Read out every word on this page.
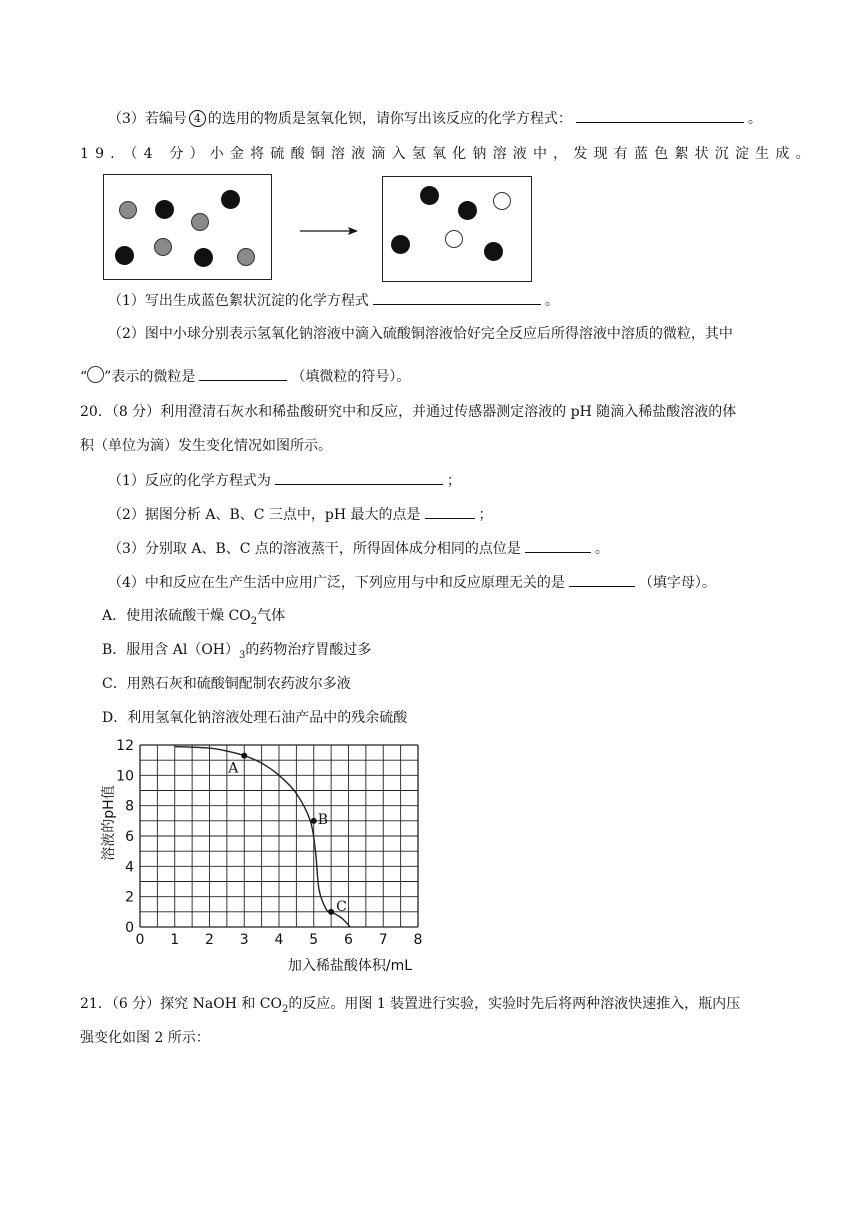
（3）若编号 4 的选用的物质是氢氧化钡，请你写出该反应的化学方程式：	。
19．（4 分）小金将硫酸铜溶液滴入氢氧化钠溶液中，发现有蓝色絮状沉淀生成。
（1）写出生成蓝色絮状沉淀的化学方程式	。
（2）图中小球分别表示氢氧化钠溶液中滴入硫酸铜溶液恰好完全反应后所得溶液中溶质的微粒，其中
“ ”表示的微粒是	（填微粒的符号）。
20．（8 分）利用澄清石灰水和稀盐酸研究中和反应，并通过传感器测定溶液的 pH 随滴入稀盐酸溶液的体
积（单位为滴）发生变化情况如图所示。
（1）反应的化学方程式为	；
（2）据图分析 A、B、C 三点中，pH 最大的点是	；
（3）分别取 A、B、C 点的溶液蒸干，所得固体成分相同的点位是	。
（4）中和反应在生产生活中应用广泛，下列应用与中和反应原理无关的是	（填字母）。
A．使用浓硫酸干燥 $CO_2$气体
B．服用含 $Al(OH)_3$的药物治疗胃酸过多
C．用熟石灰和硫酸铜配制农药波尔多液
D．利用氢氧化钠溶液处理石油产品中的残余硫酸
0 1 2 3 4 5 6 7 8
0
2
4
6
8
10
12
A
B
C
加入稀盐酸体积/mL
溶液的pH值
21．（6 分）探究 NaOH 和 $CO_2$的反应。用图 1 装置进行实验，实验时先后将两种溶液快速推入，瓶内压
强变化如图 2 所示：
